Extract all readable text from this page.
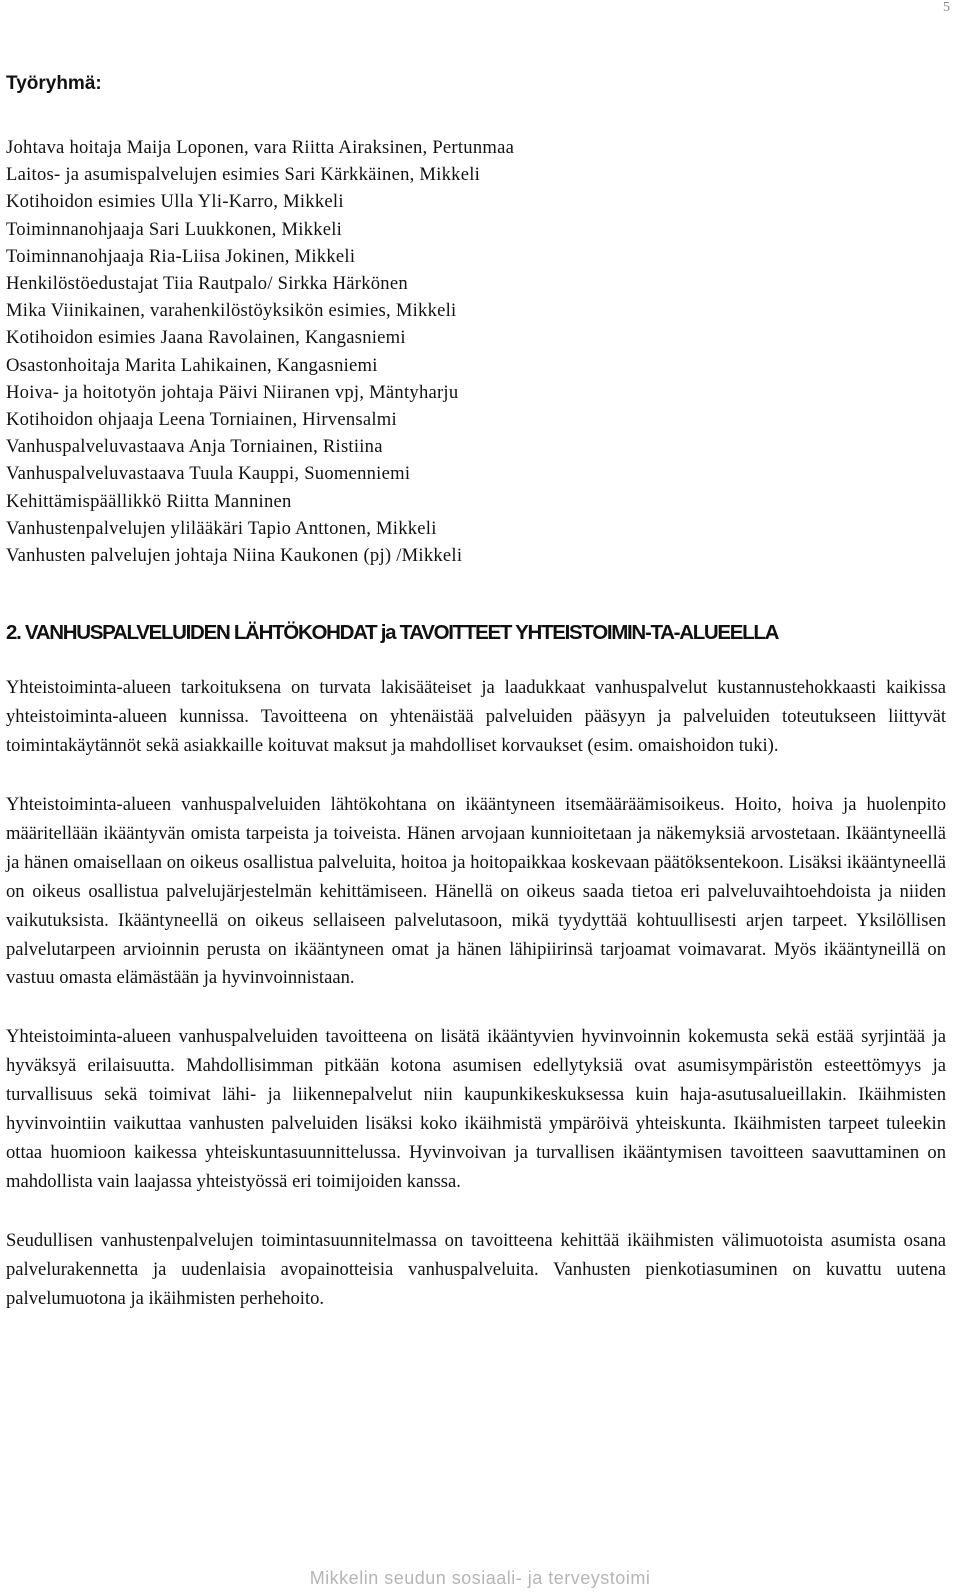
5
Työryhmä:
Johtava hoitaja Maija Loponen, vara Riitta Airaksinen, Pertunmaa
Laitos- ja asumispalvelujen esimies Sari Kärkkäinen, Mikkeli
Kotihoidon esimies Ulla Yli-Karro, Mikkeli
Toiminnanohjaaja Sari Luukkonen, Mikkeli
Toiminnanohjaaja Ria-Liisa Jokinen, Mikkeli
Henkilöstöedustajat Tiia Rautpalo/ Sirkka Härkönen
Mika Viinikainen, varahenkilöstöyksikön esimies, Mikkeli
Kotihoidon esimies Jaana Ravolainen, Kangasniemi
Osastonhoitaja Marita Lahikainen, Kangasniemi
Hoiva- ja hoitotyön johtaja Päivi Niiranen vpj, Mäntyharju
Kotihoidon ohjaaja Leena Torniainen, Hirvensalmi
Vanhuspalveluvastaava Anja Torniainen, Ristiina
Vanhuspalveluvastaava Tuula Kauppi, Suomenniemi
Kehittämispäällikkö Riitta Manninen
Vanhustenpalvelujen ylilääkäri Tapio Anttonen, Mikkeli
Vanhusten palvelujen johtaja Niina Kaukonen (pj) /Mikkeli
2. VANHUSPALVELUIDEN LÄHTÖKOHDAT ja TAVOITTEET YHTEISTOIMIN-TA-ALUEELLA

Yhteistoiminta-alueen tarkoituksena on turvata lakisääteiset ja laadukkaat vanhuspalvelut kustannustehokkaasti kaikissa yhteistoiminta-alueen kunnissa. Tavoitteena on yhtenäistää palveluiden pääsyyn ja palveluiden toteutukseen liittyvät toimintakäytännöt sekä asiakkaille koituvat maksut ja mahdolliset korvaukset (esim. omaishoidon tuki).

Yhteistoiminta-alueen vanhuspalveluiden lähtökohtana on ikääntyneen itsemääräämisoikeus. Hoito, hoiva ja huolenpito määritellään ikääntyvän omista tarpeista ja toiveista. Hänen arvojaan kunnioitetaan ja näkemyksiä arvostetaan. Ikääntyneellä ja hänen omaisellaan on oikeus osallistua palveluita, hoitoa ja hoitopaikkaa koskevaan päätöksentekoon. Lisäksi ikääntyneellä on oikeus osallistua palvelujärjestelmän kehittämiseen. Hänellä on oikeus saada tietoa eri palveluvaihtoehdoista ja niiden vaikutuksista. Ikääntyneellä on oikeus sellaiseen palvelutasoon, mikä tyydyttää kohtuullisesti arjen tarpeet. Yksilöllisen palvelutarpeen arvioinnin perusta on ikääntyneen omat ja hänen lähipiirinsä tarjoamat voimavarat. Myös ikääntyneillä on vastuu omasta elämästään ja hyvinvoinnistaan.

Yhteistoiminta-alueen vanhuspalveluiden tavoitteena on lisätä ikääntyvien hyvinvoinnin kokemusta sekä estää syrjintää ja hyväksyä erilaisuutta. Mahdollisimman pitkään kotona asumisen edellytyksiä ovat asumisympäristön esteettömyys ja turvallisuus sekä toimivat lähi- ja liikennepalvelut niin kaupunkikeskuksessa kuin haja-asutusalueillakin. Ikäihmisten hyvinvointiin vaikuttaa vanhusten palveluiden lisäksi koko ikäihmistä ympäröivä yhteiskunta. Ikäihmisten tarpeet tuleekin ottaa huomioon kaikessa yhteiskuntasuunnittelussa. Hyvinvoivan ja turvallisen ikääntymisen tavoitteen saavuttaminen on mahdollista vain laajassa yhteistyössä eri toimijoiden kanssa.

Seudullisen vanhustenpalvelujen toimintasuunnitelmassa on tavoitteena kehittää ikäihmisten välimuotoista asumista osana palvelurakennetta ja uudenlaisia avopainotteisia vanhuspalveluita. Vanhusten pienkotiasuminen on kuvattu uutena palvelumuotona ja ikäihmisten perhehoito.

Mikkelin seudun sosiaali- ja terveystoimi
